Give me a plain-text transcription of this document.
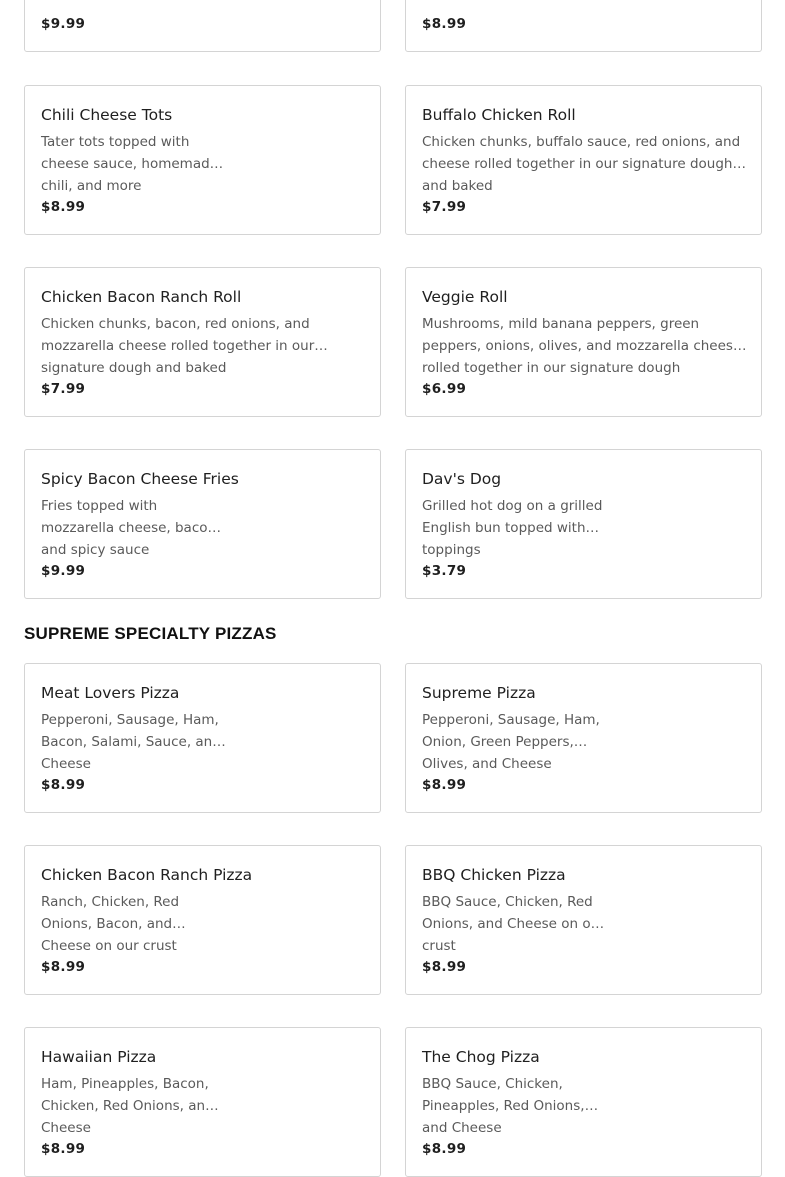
$9.99	$8.99
Chili Cheese Tots
Tater tots topped with cheese sauce, homemade chili, and more
$8.99
Buffalo Chicken Roll
Chicken chunks, buffalo sauce, red onions, and cheese rolled together in our signature dough and baked
$7.99
Chicken Bacon Ranch Roll
Chicken chunks, bacon, red onions, and mozzarella cheese rolled together in our signature dough and baked
$7.99
Veggie Roll
Mushrooms, mild banana peppers, green peppers, onions, olives, and mozzarella cheese rolled together in our signature dough
$6.99
Spicy Bacon Cheese Fries
Fries topped with mozzarella cheese, bacon, and spicy sauce
$9.99
Dav's Dog
Grilled hot dog on a grilled English bun topped with toppings
$3.79
SUPREME SPECIALTY PIZZAS
Meat Lovers Pizza
Pepperoni, Sausage, Ham, Bacon, Salami, Sauce, and Cheese
$8.99
Supreme Pizza
Pepperoni, Sausage, Ham, Onion, Green Peppers, Olives, and Cheese
$8.99
Chicken Bacon Ranch Pizza
Ranch, Chicken, Red Onions, Bacon, and Cheese on our crust
$8.99
BBQ Chicken Pizza
BBQ Sauce, Chicken, Red Onions, and Cheese on our crust
$8.99
Hawaiian Pizza
Ham, Pineapples, Bacon, Chicken, Red Onions, and Cheese
$8.99
The Chog Pizza
BBQ Sauce, Chicken, Pineapples, Red Onions, and Cheese
$8.99
